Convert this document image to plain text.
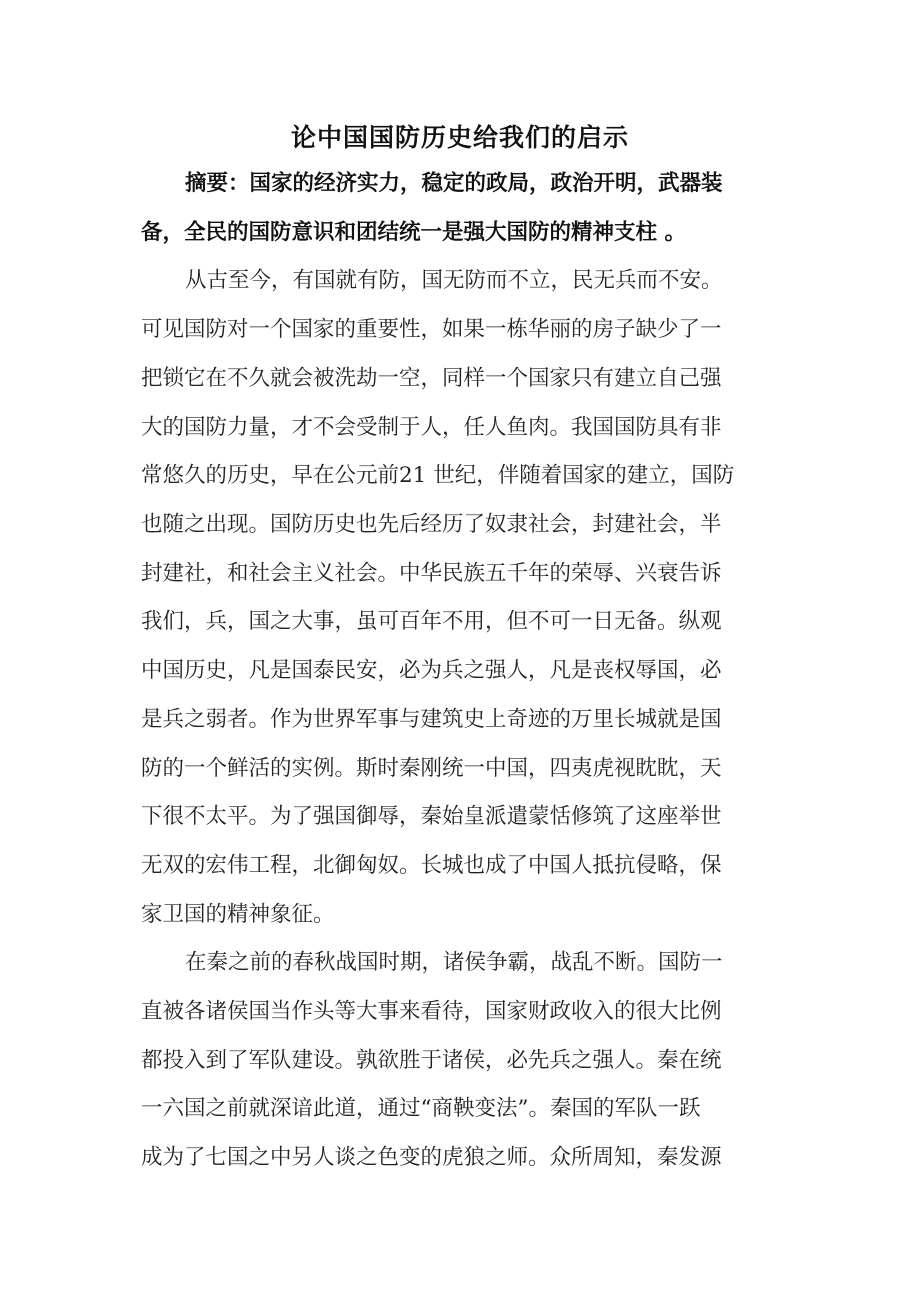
论中国国防历史给我们的启示
摘要：国家的经济实力，稳定的政局，政治开明，武器装
备，全民的国防意识和团结统一是强大国防的精神支柱 。
从古至今，有国就有防，国无防而不立，民无兵而不安。
可见国防对一个国家的重要性，如果一栋华丽的房子缺少了一
把锁它在不久就会被洗劫一空，同样一个国家只有建立自己强
大的国防力量，才不会受制于人，任人鱼肉。我国国防具有非
常悠久的历史，早在公元前21 世纪，伴随着国家的建立，国防
也随之出现。国防历史也先后经历了奴隶社会，封建社会，半
封建社，和社会主义社会。中华民族五千年的荣辱、兴衰告诉
我们，兵，国之大事，虽可百年不用，但不可一日无备。纵观
中国历史，凡是国泰民安，必为兵之强人，凡是丧权辱国，必
是兵之弱者。作为世界军事与建筑史上奇迹的万里长城就是国
防的一个鲜活的实例。斯时秦刚统一中国，四夷虎视眈眈，天
下很不太平。为了强国御辱，秦始皇派遣蒙恬修筑了这座举世
无双的宏伟工程，北御匈奴。长城也成了中国人抵抗侵略，保
家卫国的精神象征。
在秦之前的春秋战国时期，诸侯争霸，战乱不断。国防一
直被各诸侯国当作头等大事来看待，国家财政收入的很大比例
都投入到了军队建设。孰欲胜于诸侯，必先兵之强人。秦在统
一六国之前就深谙此道，通过“商鞅变法”。秦国的军队一跃
成为了七国之中另人谈之色变的虎狼之师。众所周知，秦发源
